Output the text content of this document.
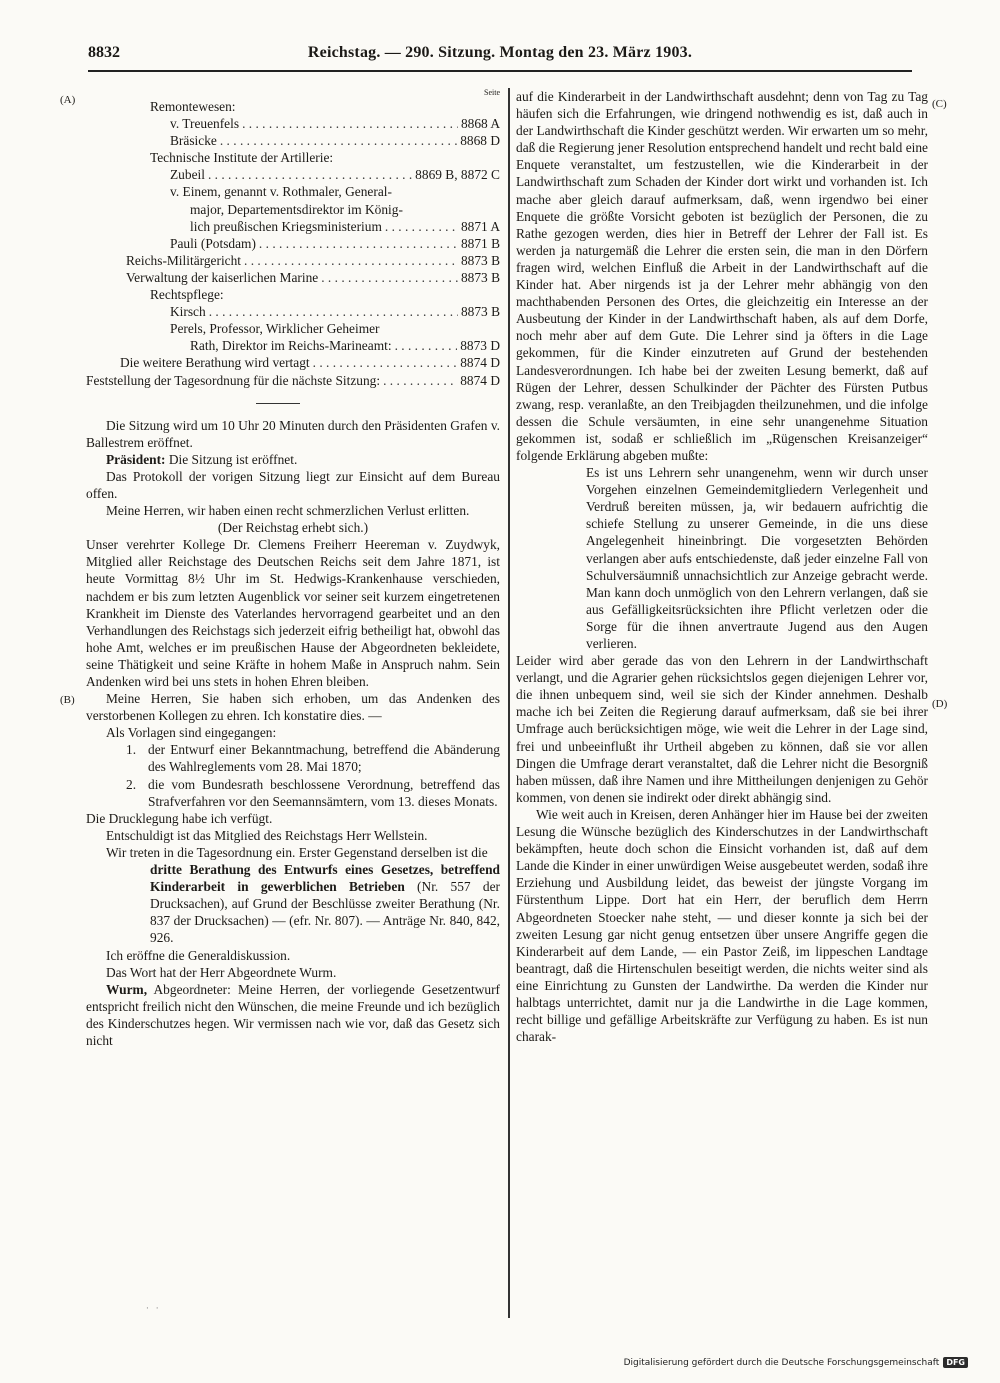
8832	Reichstag. — 290. Sitzung. Montag den 23. März 1903.
(A)
(B)
(C)
(D)

Seite

Remontewesen:
v. Treuenfels . . .	8868 A
Bräsicke . . .	8868 D
Technische Institute der Artillerie:
Zubeil . . .	8869 B, 8872 C
v. Einem, genannt v. Rothmaler, General-
major, Departementsdirektor im König-
lich preußischen Kriegsministerium . . .	8871 A
Pauli (Potsdam) . . .	8871 B
Reichs-Militärgericht . . .	8873 B
Verwaltung der kaiserlichen Marine . . .	8873 B
Rechtspflege:
Kirsch . . .	8873 B
Perels, Professor, Wirklicher Geheimer
Rath, Direktor im Reichs-Marineamt: . . .	8873 D
Die weitere Berathung wird vertagt . . .	8874 D
Feststellung der Tagesordnung für die nächste Sitzung: . . .	8874 D

Die Sitzung wird um 10 Uhr 20 Minuten durch den Präsidenten Grafen v. Ballestrem eröffnet.

Präsident: Die Sitzung ist eröffnet.

Das Protokoll der vorigen Sitzung liegt zur Einsicht auf dem Bureau offen.

Meine Herren, wir haben einen recht schmerzlichen Verlust erlitten.

(Der Reichstag erhebt sich.)

Unser verehrter Kollege Dr. Clemens Freiherr Heereman v. Zuydwyk, Mitglied aller Reichstage des Deutschen Reichs seit dem Jahre 1871, ist heute Vormittag 8½ Uhr im St. Hedwigs-Krankenhause verschieden, nachdem er bis zum letzten Augenblick vor seiner seit kurzem eingetretenen Krankheit im Dienste des Vaterlandes hervorragend gearbeitet und an den Verhandlungen des Reichstags sich jederzeit eifrig betheiligt hat, obwohl das hohe Amt, welches er im preußischen Hause der Abgeordneten bekleidete, seine Thätigkeit und seine Kräfte in hohem Maße in Anspruch nahm. Sein Andenken wird bei uns stets in hohen Ehren bleiben.

Meine Herren, Sie haben sich erhoben, um das Andenken des verstorbenen Kollegen zu ehren. Ich konstatire dies. —

Als Vorlagen sind eingegangen:

1. der Entwurf einer Bekanntmachung, betreffend die Abänderung des Wahlreglements vom 28. Mai 1870;
2. die vom Bundesrath beschlossene Verordnung, betreffend das Strafverfahren vor den Seemannsämtern, vom 13. dieses Monats.

Die Drucklegung habe ich verfügt.

Entschuldigt ist das Mitglied des Reichstags Herr Wellstein.

Wir treten in die Tagesordnung ein. Erster Gegenstand derselben ist die

dritte Berathung des Entwurfs eines Gesetzes, betreffend Kinderarbeit in gewerblichen Betrieben (Nr. 557 der Drucksachen), auf Grund der Beschlüsse zweiter Berathung (Nr. 837 der Drucksachen) — (efr. Nr. 807). — Anträge Nr. 840, 842, 926.

Ich eröffne die Generaldiskussion.

Das Wort hat der Herr Abgeordnete Wurm.

Wurm, Abgeordneter: Meine Herren, der vorliegende Gesetzentwurf entspricht freilich nicht den Wünschen, die meine Freunde und ich bezüglich des Kinderschutzes hegen. Wir vermissen nach wie vor, daß das Gesetz sich nicht

auf die Kinderarbeit in der Landwirthschaft ausdehnt; denn von Tag zu Tag häufen sich die Erfahrungen, wie dringend nothwendig es ist, daß auch in der Landwirthschaft die Kinder geschützt werden. Wir erwarten um so mehr, daß die Regierung jener Resolution entsprechend handelt und recht bald eine Enquete veranstaltet, um festzustellen, wie die Kinderarbeit in der Landwirthschaft zum Schaden der Kinder dort wirkt und vorhanden ist. Ich mache aber gleich darauf aufmerksam, daß, wenn irgendwo bei einer Enquete die größte Vorsicht geboten ist bezüglich der Personen, die zu Rathe gezogen werden, dies hier in Betreff der Lehrer der Fall ist. Es werden ja naturgemäß die Lehrer die ersten sein, die man in den Dörfern fragen wird, welchen Einfluß die Arbeit in der Landwirthschaft auf die Kinder hat. Aber nirgends ist ja der Lehrer mehr abhängig von den machthabenden Personen des Ortes, die gleichzeitig ein Interesse an der Ausbeutung der Kinder in der Landwirthschaft haben, als auf dem Dorfe, noch mehr aber auf dem Gute. Die Lehrer sind ja öfters in die Lage gekommen, für die Kinder einzutreten auf Grund der bestehenden Landesverordnungen. Ich habe bei der zweiten Lesung bemerkt, daß auf Rügen der Lehrer, dessen Schulkinder der Pächter des Fürsten Putbus zwang, resp. veranlaßte, an den Treibjagden theilzunehmen, und die infolge dessen die Schule versäumten, in eine sehr unangenehme Situation gekommen ist, sodaß er schließlich im „Rügenschen Kreisanzeiger“ folgende Erklärung abgeben mußte:

Es ist uns Lehrern sehr unangenehm, wenn wir durch unser Vorgehen einzelnen Gemeindemitgliedern Verlegenheit und Verdruß bereiten müssen, ja, wir bedauern aufrichtig die schiefe Stellung zu unserer Gemeinde, in die uns diese Angelegenheit hineinbringt. Die vorgesetzten Behörden verlangen aber aufs entschiedenste, daß jeder einzelne Fall von Schulversäumniß unnachsichtlich zur Anzeige gebracht werde. Man kann doch unmöglich von den Lehrern verlangen, daß sie aus Gefälligkeitsrücksichten ihre Pflicht verletzen oder die Sorge für die ihnen anvertraute Jugend aus den Augen verlieren.

Leider wird aber gerade das von den Lehrern in der Landwirthschaft verlangt, und die Agrarier gehen rücksichtslos gegen diejenigen Lehrer vor, die ihnen unbequem sind, weil sie sich der Kinder annehmen. Deshalb mache ich bei Zeiten die Regierung darauf aufmerksam, daß sie bei ihrer Umfrage auch berücksichtigen möge, wie weit die Lehrer in der Lage sind, frei und unbeeinflußt ihr Urtheil abgeben zu können, daß sie vor allen Dingen die Umfrage derart veranstaltet, daß die Lehrer nicht die Besorgniß haben müssen, daß ihre Namen und ihre Mittheilungen denjenigen zu Gehör kommen, von denen sie indirekt oder direkt abhängig sind.

Wie weit auch in Kreisen, deren Anhänger hier im Hause bei der zweiten Lesung die Wünsche bezüglich des Kinderschutzes in der Landwirthschaft bekämpften, heute doch schon die Einsicht vorhanden ist, daß auf dem Lande die Kinder in einer unwürdigen Weise ausgebeutet werden, sodaß ihre Erziehung und Ausbildung leidet, das beweist der jüngste Vorgang im Fürstenthum Lippe. Dort hat ein Herr, der beruflich dem Herrn Abgeordneten Stoecker nahe steht, — und dieser konnte ja sich bei der zweiten Lesung gar nicht genug entsetzen über unsere Angriffe gegen die Kinderarbeit auf dem Lande, — ein Pastor Zeiß, im lippeschen Landtage beantragt, daß die Hirtenschulen beseitigt werden, die nichts weiter sind als eine Einrichtung zu Gunsten der Landwirthe. Da werden die Kinder nur halbtags unterrichtet, damit nur ja die Landwirthe in die Lage kommen, recht billige und gefällige Arbeitskräfte zur Verfügung zu haben. Es ist nun charak-

· ·
Digitalisierung gefördert durch die Deutsche Forschungsgemeinschaft DFG
